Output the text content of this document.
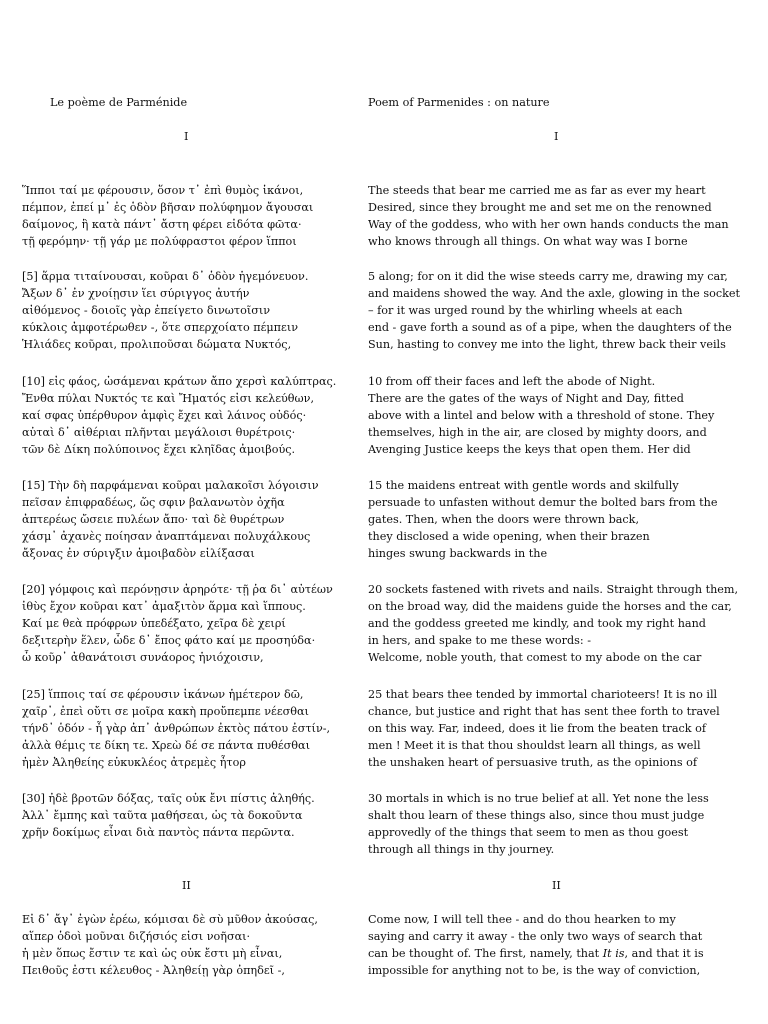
Le poème de Parménide
I
Ἵπποι ταί με φέρουσιν, ὅσον τ᾽ ἐπὶ θυμὸς ἱκάνοι,
πέμπον, ἐπεί μ᾽ ἐς ὁδὸν βῆσαν πολύφημον ἄγουσαι
δαίμονος, ἣ κατὰ πάντ᾽ ἄστη φέρει εἰδότα φῶτα·
τῇ φερόμην· τῇ γάρ με πολύφραστοι φέρον ἵπποι
[5] ἅρμα τιταίνουσαι, κοῦραι δ᾽ ὁδὸν ἡγεμόνευον.
Ἄξων δ᾽ ἐν χνοίῃσιν ἵει σύριγγος ἀυτήν
αἰθόμενος - δοιοῖς γὰρ ἐπείγετο δινωτοῖσιν
κύκλοις ἀμφοτέρωθεν -, ὅτε σπερχοίατο πέμπειν
Ἡλιάδες κοῦραι, προλιποῦσαι δώματα Νυκτός,
[10] εἰς φάος, ὠσάμεναι κράτων ἄπο χερσὶ καλύπτρας.
Ἔνθα πύλαι Νυκτός τε καὶ Ἤματός εἰσι κελεύθων,
καί σφας ὑπέρθυρον ἀμφὶς ἔχει καὶ λάινος οὐδός·
αὐταὶ δ᾽ αἰθέριαι πλῆνται μεγάλοισι θυρέτροις·
τῶν δὲ Δίκη πολύποινος ἔχει κληῖδας ἀμοιβούς.
[15] Τὴν δὴ παρφάμεναι κοῦραι μαλακοῖσι λόγοισιν
πεῖσαν ἐπιφραδέως, ὥς σφιν βαλανωτὸν ὀχῆα
ἀπτερέως ὤσειε πυλέων ἄπο· ταὶ δὲ θυρέτρων
χάσμ᾽ ἀχανὲς ποίησαν ἀναπτάμεναι πολυχάλκους
ἄξονας ἐν σύριγξιν ἀμοιβαδὸν εἰλίξασαι
[20] γόμφοις καὶ περόνῃσιν ἀρηρότε· τῇ ῥα δι᾽ αὐτέων
ἰθὺς ἔχον κοῦραι κατ᾽ ἀμαξιτὸν ἅρμα καὶ ἵππους.
Καί με θεὰ πρόφρων ὑπεδέξατο, χεῖρα δὲ χειρί
δεξιτερὴν ἕλεν, ὧδε δ᾽ ἔπος φάτο καί με προσηύδα·
ὦ κοῦρ᾽ ἀθανάτοισι συνάορος ἡνιόχοισιν,
[25] ἵπποις ταί σε φέρουσιν ἱκάνων ἡμέτερον δῶ,
χαῖρ᾽, ἐπεὶ οὔτι σε μοῖρα κακὴ προὔπεμπε νέεσθαι
τήνδ᾽ ὁδόν - ἦ γὰρ ἀπ᾽ ἀνθρώπων ἐκτὸς πάτου ἐστίν-,
ἀλλὰ θέμις τε δίκη τε. Χρεὼ δέ σε πάντα πυθέσθαι
ἠμὲν Ἀληθείης εὐκυκλέος ἀτρεμὲς ἦτορ
[30] ἠδὲ βροτῶν δόξας, ταῖς οὐκ ἔνι πίστις ἀληθής.
Ἀλλ᾽ ἔμπης καὶ ταῦτα μαθήσεαι, ὡς τὰ δοκοῦντα
χρῆν δοκίμως εἶναι διὰ παντὸς πάντα περῶντα.
II
Εἰ δ᾽ ἄγ᾽ ἐγὼν ἐρέω, κόμισαι δὲ σὺ μῦθον ἀκούσας,
αἵπερ ὁδοὶ μοῦναι διζήσιός εἰσι νοῆσαι·
ἡ μὲν ὅπως ἔστιν τε καὶ ὡς οὐκ ἔστι μὴ εἶναι,
Πειθοῦς ἐστι κέλευθος - Ἀληθείῃ γὰρ ὀπηδεῖ -,
Poem of Parmenides : on nature
I
The steeds that bear me carried me as far as ever my heart
Desired, since they brought me and set me on the renowned
Way of the goddess, who with her own hands conducts the man
who knows through all things. On what way was I borne
5 along; for on it did the wise steeds carry me, drawing my car,
and maidens showed the way. And the axle, glowing in the socket
– for it was urged round by the whirling wheels at each
end - gave forth a sound as of a pipe, when the daughters of the
Sun, hasting to convey me into the light, threw back their veils
10 from off their faces and left the abode of Night.
There are the gates of the ways of Night and Day, fitted
above with a lintel and below with a threshold of stone. They
themselves, high in the air, are closed by mighty doors, and
Avenging Justice keeps the keys that open them. Her did
15 the maidens entreat with gentle words and skilfully
persuade to unfasten without demur the bolted bars from the
gates. Then, when the doors were thrown back,
they disclosed a wide opening, when their brazen
hinges swung backwards in the
20 sockets fastened with rivets and nails. Straight through them,
on the broad way, did the maidens guide the horses and the car,
and the goddess greeted me kindly, and took my right hand
in hers, and spake to me these words: -
Welcome, noble youth, that comest to my abode on the car
25 that bears thee tended by immortal charioteers! It is no ill
chance, but justice and right that has sent thee forth to travel
on this way. Far, indeed, does it lie from the beaten track of
men ! Meet it is that thou shouldst learn all things, as well
the unshaken heart of persuasive truth, as the opinions of
30 mortals in which is no true belief at all. Yet none the less
shalt thou learn of these things also, since thou must judge
approvedly of the things that seem to men as thou goest
through all things in thy journey.
II
Come now, I will tell thee - and do thou hearken to my
saying and carry it away - the only two ways of search that
can be thought of. The first, namely, that It is, and that it is
impossible for anything not to be, is the way of conviction,
